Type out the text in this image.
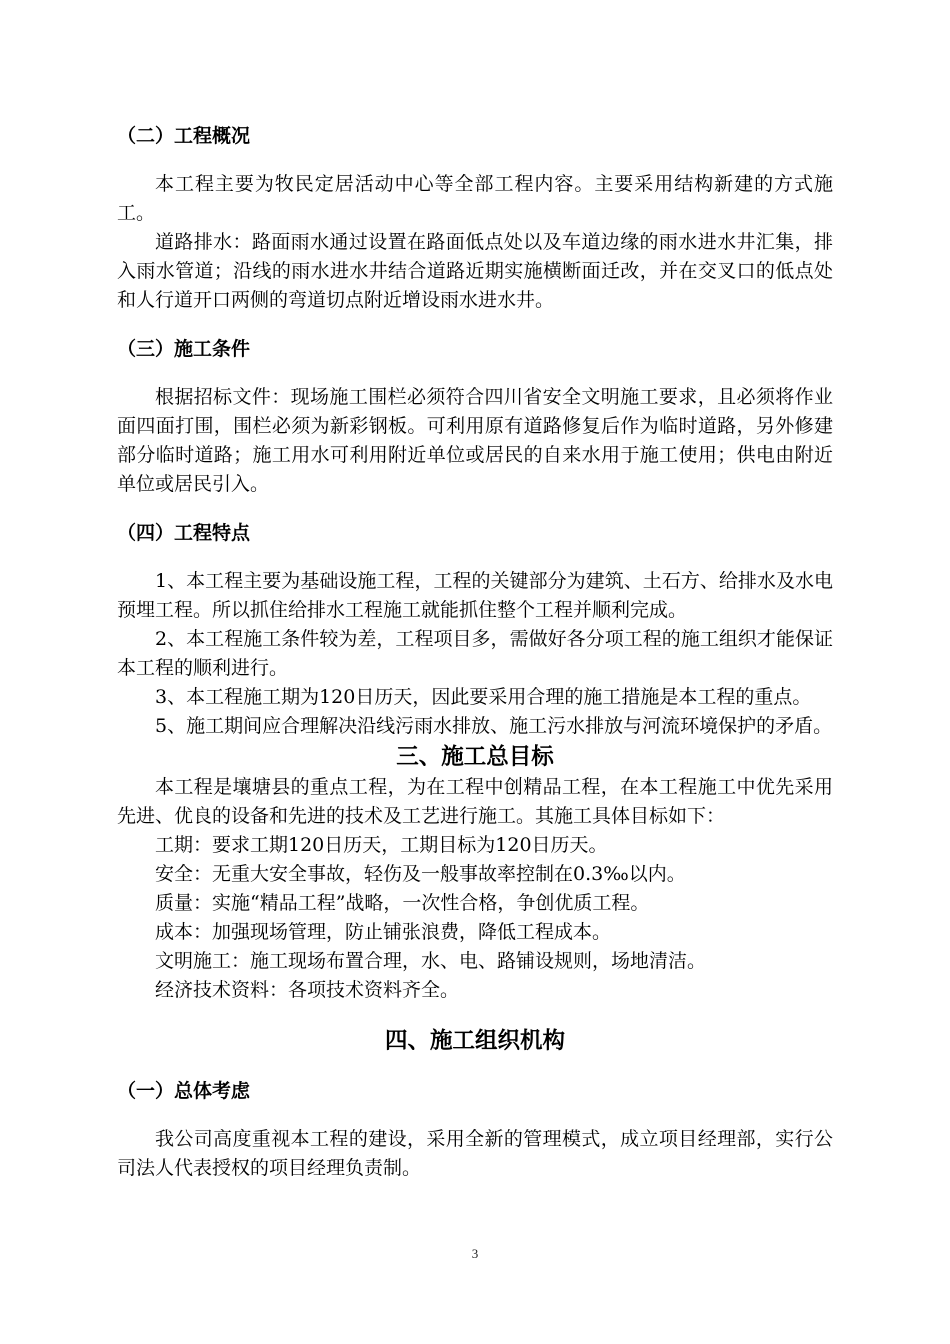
（二）工程概况

本工程主要为牧民定居活动中心等全部工程内容。主要采用结构新建的方式施工。

道路排水：路面雨水通过设置在路面低点处以及车道边缘的雨水进水井汇集，排入雨水管道；沿线的雨水进水井结合道路近期实施横断面迁改，并在交叉口的低点处和人行道开口两侧的弯道切点附近增设雨水进水井。

（三）施工条件

根据招标文件：现场施工围栏必须符合四川省安全文明施工要求，且必须将作业面四面打围，围栏必须为新彩钢板。可利用原有道路修复后作为临时道路，另外修建部分临时道路；施工用水可利用附近单位或居民的自来水用于施工使用；供电由附近单位或居民引入。

（四）工程特点

1、本工程主要为基础设施工程，工程的关键部分为建筑、土石方、给排水及水电预埋工程。所以抓住给排水工程施工就能抓住整个工程并顺利完成。

2、本工程施工条件较为差，工程项目多，需做好各分项工程的施工组织才能保证本工程的顺利进行。

3、本工程施工期为120日历天，因此要采用合理的施工措施是本工程的重点。

5、施工期间应合理解决沿线污雨水排放、施工污水排放与河流环境保护的矛盾。

三、施工总目标

本工程是壤塘县的重点工程，为在工程中创精品工程，在本工程施工中优先采用先进、优良的设备和先进的技术及工艺进行施工。其施工具体目标如下：

工期：要求工期120日历天，工期目标为120日历天。

安全：无重大安全事故，轻伤及一般事故率控制在0.3‰以内。

质量：实施“精品工程”战略，一次性合格，争创优质工程。

成本：加强现场管理，防止铺张浪费，降低工程成本。

文明施工：施工现场布置合理，水、电、路铺设规则，场地清洁。

经济技术资料：各项技术资料齐全。

四、施工组织机构
（一）总体考虑

我公司高度重视本工程的建设，采用全新的管理模式，成立项目经理部，实行公司法人代表授权的项目经理负责制。

3
